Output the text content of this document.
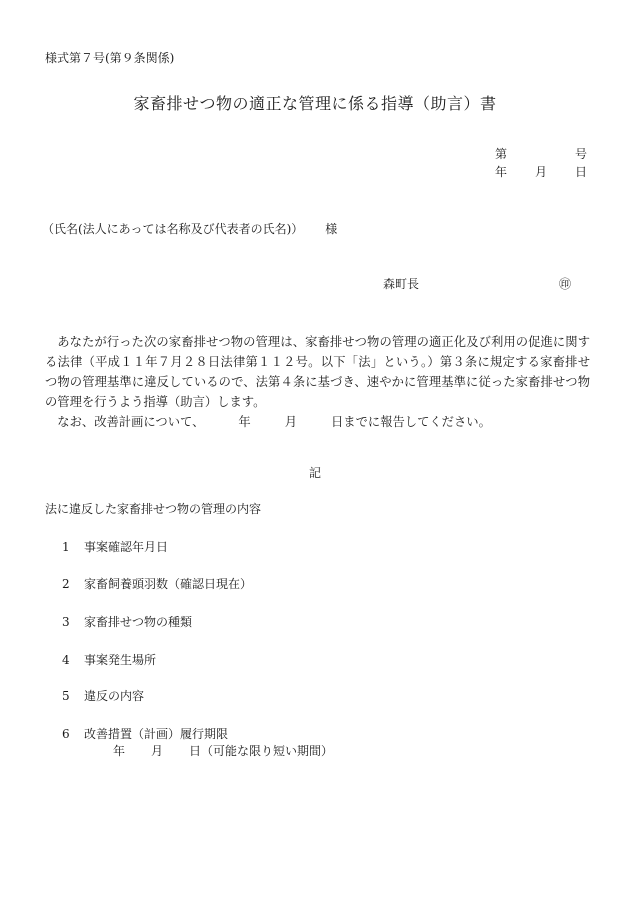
様式第７号(第９条関係)
家畜排せつ物の適正な管理に係る指導（助言）書
第	号
年 月 日
（氏名(法人にあっては名称及び代表者の氏名)） 様
森町長	㊞

あなたが行った次の家畜排せつ物の管理は、家畜排せつ物の管理の適正化及び利用の促進に関する法律（平成１１年７月２８日法律第１１２号。以下「法」という。）第３条に規定する家畜排せつ物の管理基準に違反しているので、法第４条に基づき、速やかに管理基準に従った家畜排せつ物の管理を行うよう指導（助言）します。

なお、改善計画について、	年	月	日までに報告してください。

記
法に違反した家畜排せつ物の管理の内容
1 事案確認年月日
2 家畜飼養頭羽数（確認日現在）
3 家畜排せつ物の種類
4 事案発生場所
5 違反の内容
6 改善措置（計画）履行期限
年 月 日（可能な限り短い期間）
